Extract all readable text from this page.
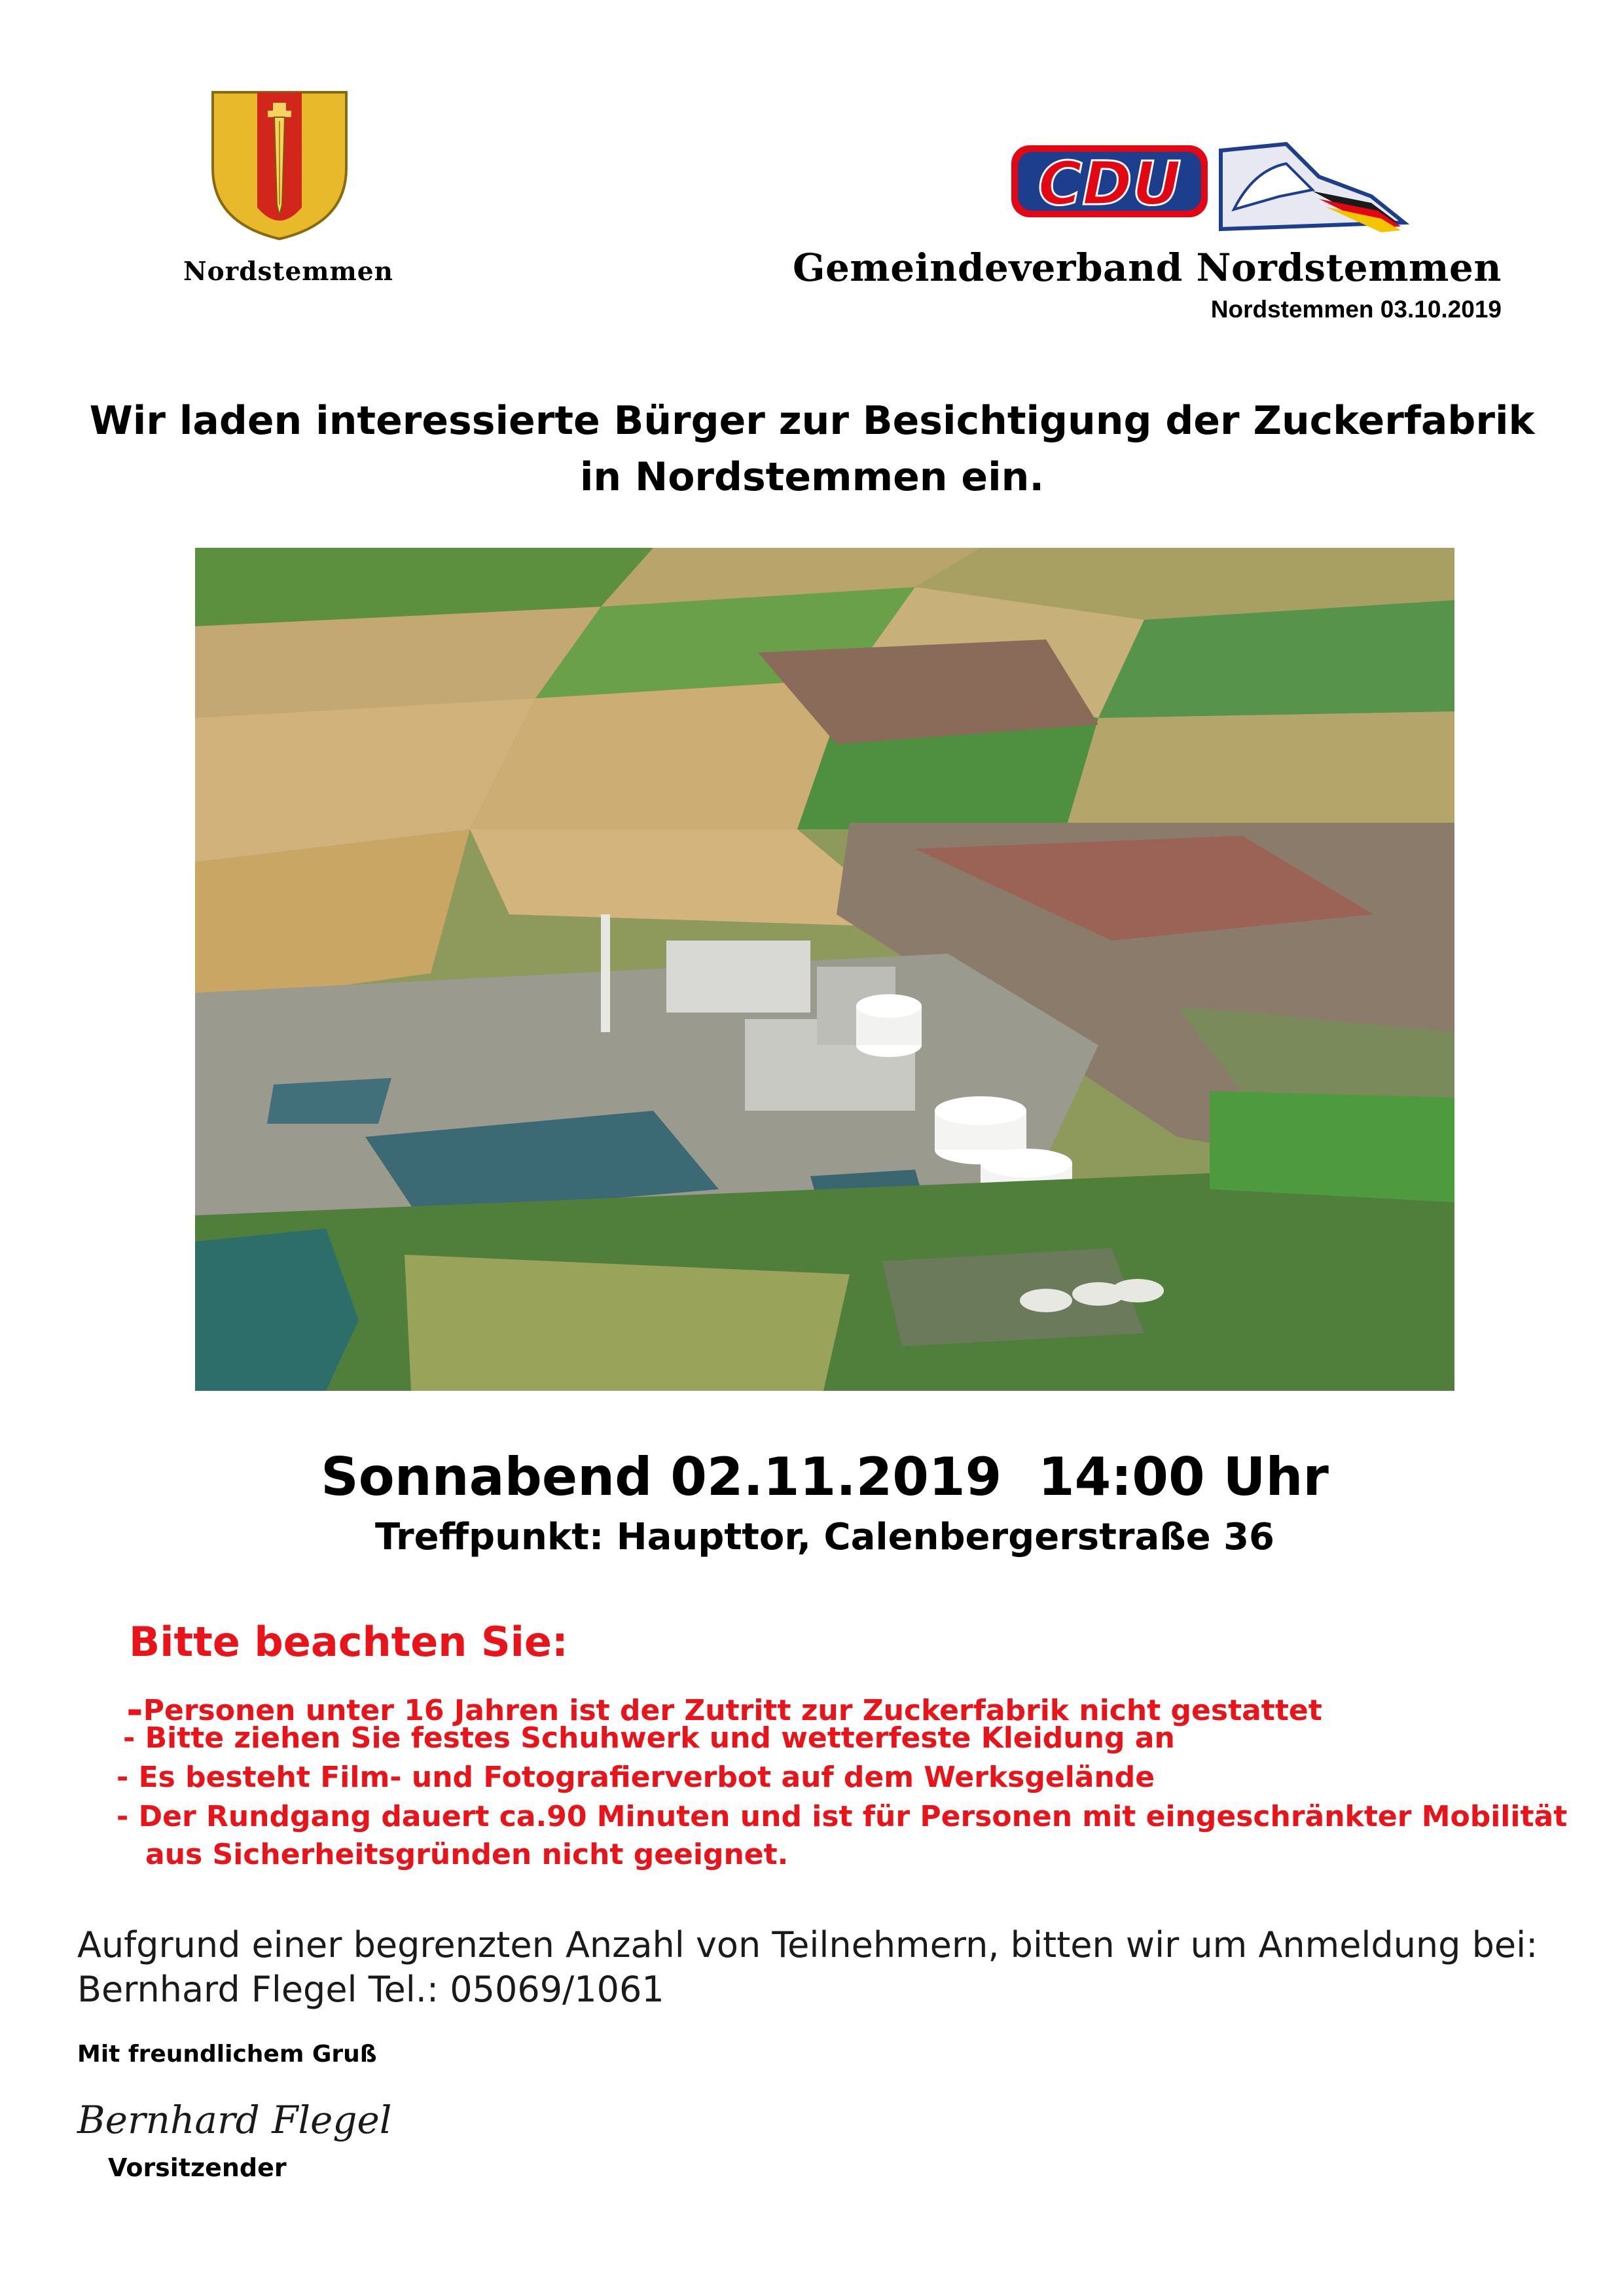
Nordstemmen
CDU
Gemeindeverband Nordstemmen
Nordstemmen 03.10.2019
Wir laden interessierte Bürger zur Besichtigung der Zuckerfabrik
in Nordstemmen ein.
Sonnabend 02.11.2019  14:00 Uhr
Treffpunkt: Haupttor, Calenbergerstraße 36
Bitte beachten Sie:
-Personen unter 16 Jahren ist der Zutritt zur Zuckerfabrik nicht gestattet
- Bitte ziehen Sie festes Schuhwerk und wetterfeste Kleidung an
- Es besteht Film- und Fotografierverbot auf dem Werksgelände
- Der Rundgang dauert ca.90 Minuten und ist für Personen mit eingeschränkter Mobilität
aus Sicherheitsgründen nicht geeignet.
Aufgrund einer begrenzten Anzahl von Teilnehmern, bitten wir um Anmeldung bei:
Bernhard Flegel Tel.: 05069/1061
Mit freundlichem Gruß
Bernhard Flegel
Vorsitzender
